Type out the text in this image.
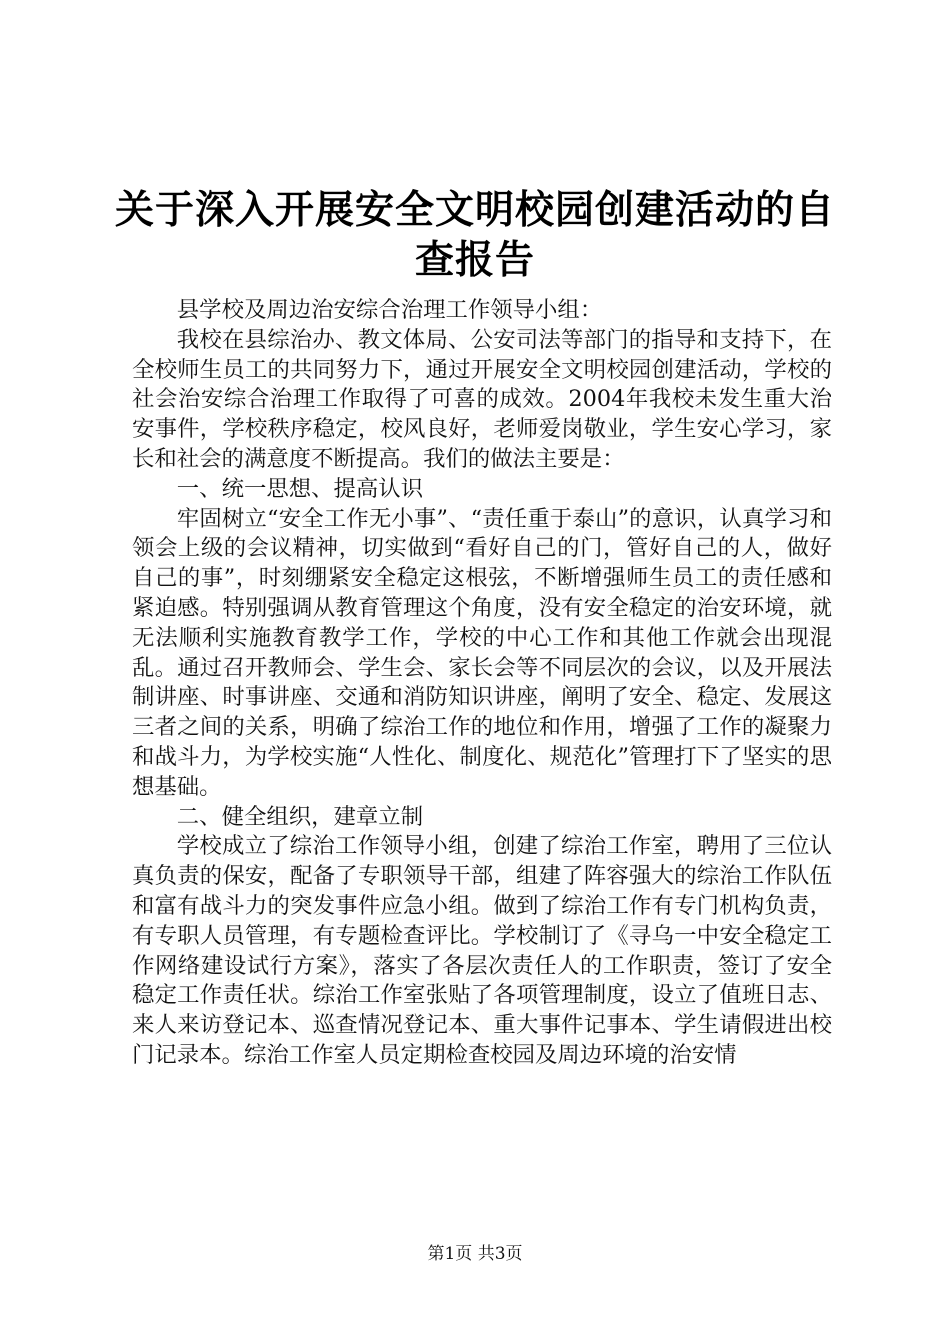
关于深入开展安全文明校园创建活动的自查报告

县学校及周边治安综合治理工作领导小组：

我校在县综治办、教文体局、公安司法等部门的指导和支持下，在全校师生员工的共同努力下，通过开展安全文明校园创建活动，学校的社会治安综合治理工作取得了可喜的成效。2004年我校未发生重大治安事件，学校秩序稳定，校风良好，老师爱岗敬业，学生安心学习，家长和社会的满意度不断提高。我们的做法主要是：

一、统一思想、提高认识

牢固树立“安全工作无小事”、“责任重于泰山”的意识，认真学习和领会上级的会议精神，切实做到“看好自己的门，管好自己的人，做好自己的事”，时刻绷紧安全稳定这根弦，不断增强师生员工的责任感和紧迫感。特别强调从教育管理这个角度，没有安全稳定的治安环境，就无法顺利实施教育教学工作，学校的中心工作和其他工作就会出现混乱。通过召开教师会、学生会、家长会等不同层次的会议，以及开展法制讲座、时事讲座、交通和消防知识讲座，阐明了安全、稳定、发展这三者之间的关系，明确了综治工作的地位和作用，增强了工作的凝聚力和战斗力，为学校实施“人性化、制度化、规范化”管理打下了坚实的思想基础。

二、健全组织，建章立制

学校成立了综治工作领导小组，创建了综治工作室，聘用了三位认真负责的保安，配备了专职领导干部，组建了阵容强大的综治工作队伍和富有战斗力的突发事件应急小组。做到了综治工作有专门机构负责，有专职人员管理，有专题检查评比。学校制订了《寻乌一中安全稳定工作网络建设试行方案》，落实了各层次责任人的工作职责，签订了安全稳定工作责任状。综治工作室张贴了各项管理制度，设立了值班日志、来人来访登记本、巡查情况登记本、重大事件记事本、学生请假进出校门记录本。综治工作室人员定期检查校园及周边环境的治安情

第1页 共3页
